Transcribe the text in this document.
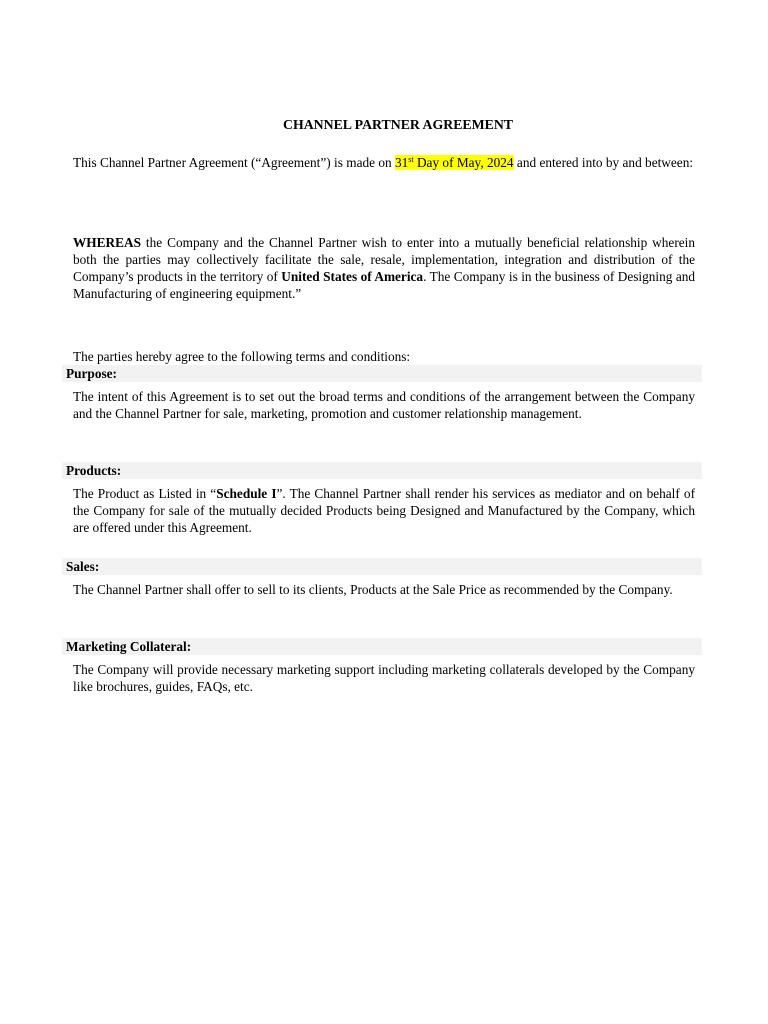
CHANNEL PARTNER AGREEMENT

This Channel Partner Agreement (“Agreement”) is made on 31st Day of May, 2024 and entered into by and between:

WHEREAS the Company and the Channel Partner wish to enter into a mutually beneficial relationship wherein both the parties may collectively facilitate the sale, resale, implementation, integration and distribution of the Company’s products in the territory of United States of America. The Company is in the business of Designing and Manufacturing of engineering equipment.”

The parties hereby agree to the following terms and conditions:

Purpose:

The intent of this Agreement is to set out the broad terms and conditions of the arrangement between the Company and the Channel Partner for sale, marketing, promotion and customer relationship management.

Products:

The Product as Listed in “Schedule I”. The Channel Partner shall render his services as mediator and on behalf of the Company for sale of the mutually decided Products being Designed and Manufactured by the Company, which are offered under this Agreement.

Sales:

The Channel Partner shall offer to sell to its clients, Products at the Sale Price as recommended by the Company.

Marketing Collateral:

The Company will provide necessary marketing support including marketing collaterals developed by the Company like brochures, guides, FAQs, etc.
